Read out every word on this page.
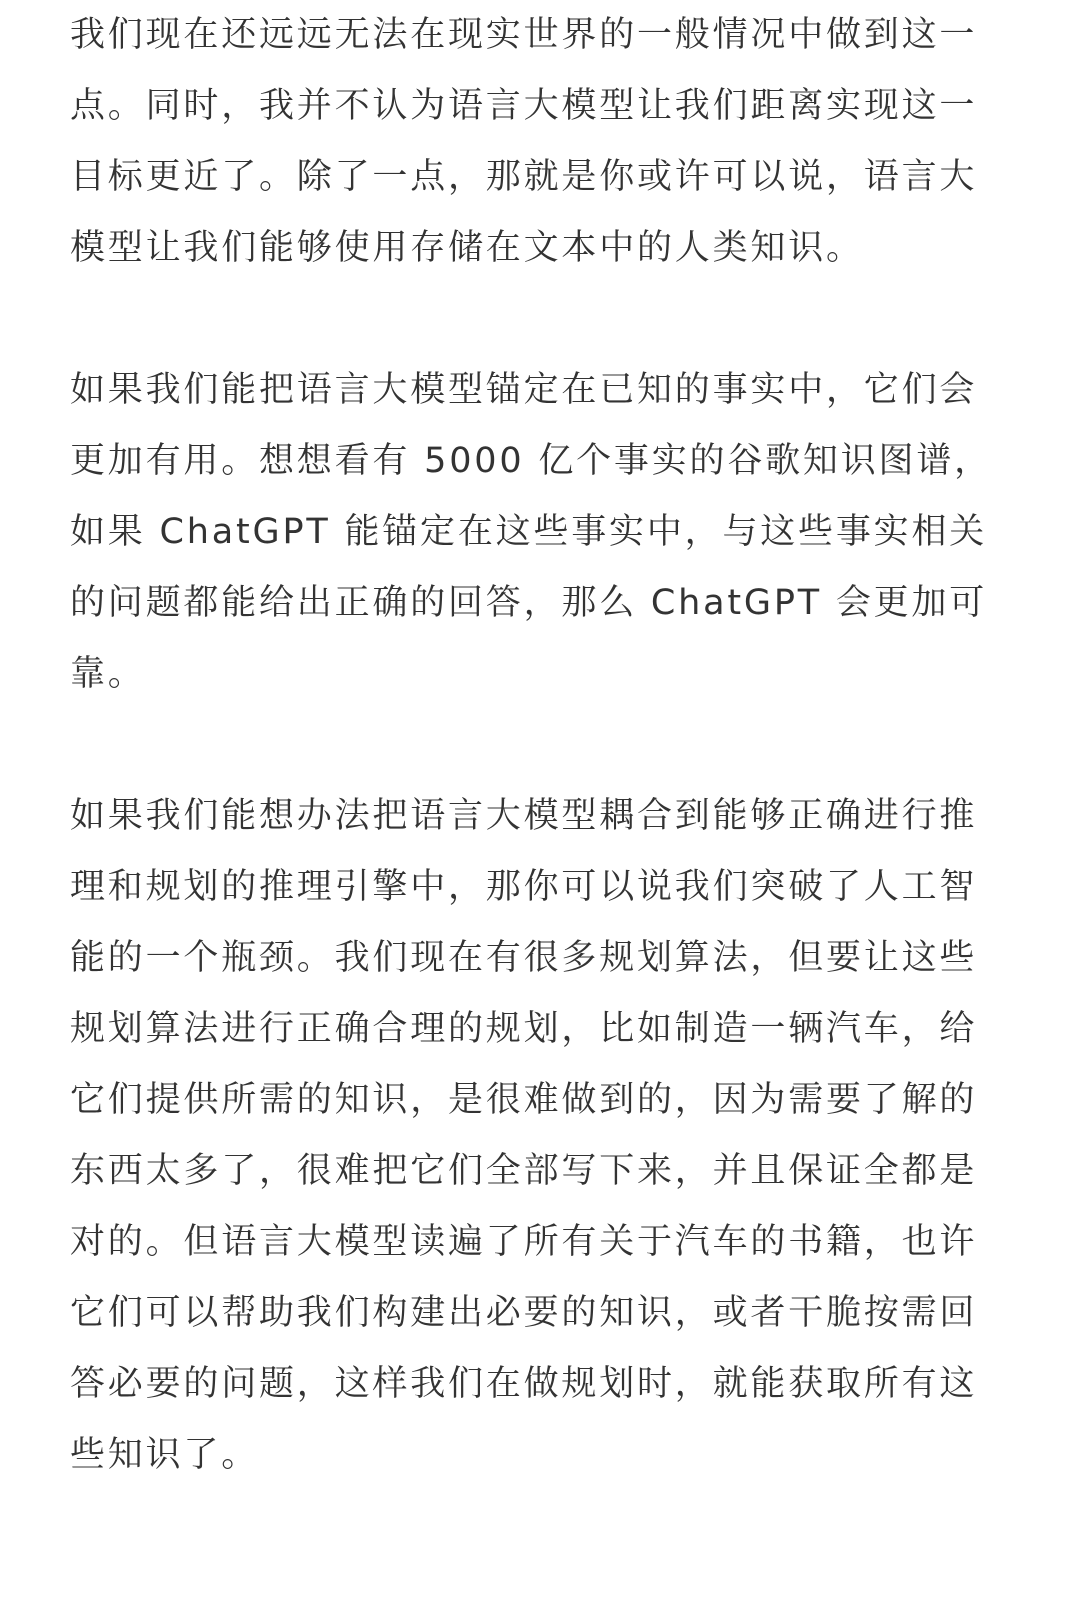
我们现在还远远无法在现实世界的一般情况中做到这一点。同时，我并不认为语言大模型让我们距离实现这一目标更近了。除了一点，那就是你或许可以说，语言大模型让我们能够使用存储在文本中的人类知识。

如果我们能把语言大模型锚定在已知的事实中，它们会更加有用。想想看有 5000 亿个事实的谷歌知识图谱，如果 ChatGPT 能锚定在这些事实中，与这些事实相关的问题都能给出正确的回答，那么 ChatGPT 会更加可靠。

如果我们能想办法把语言大模型耦合到能够正确进行推理和规划的推理引擎中，那你可以说我们突破了人工智能的一个瓶颈。我们现在有很多规划算法，但要让这些规划算法进行正确合理的规划，比如制造一辆汽车，给它们提供所需的知识，是很难做到的，因为需要了解的东西太多了，很难把它们全部写下来，并且保证全都是对的。但语言大模型读遍了所有关于汽车的书籍，也许它们可以帮助我们构建出必要的知识，或者干脆按需回答必要的问题，这样我们在做规划时，就能获取所有这些知识了。
